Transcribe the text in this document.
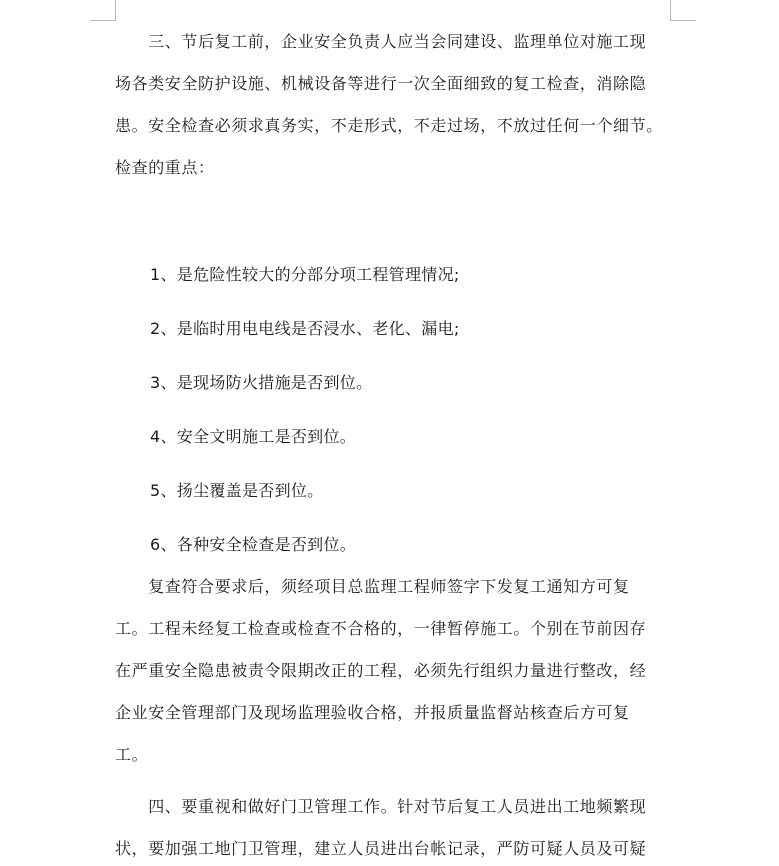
　　三、节后复工前，企业安全负责人应当会同建设、监理单位对施工现
场各类安全防护设施、机械设备等进行一次全面细致的复工检查，消除隐
患。安全检查必须求真务实，不走形式，不走过场，不放过任何一个细节。
检查的重点：
1、是危险性较大的分部分项工程管理情况;
2、是临时用电电线是否浸水、老化、漏电;
3、是现场防火措施是否到位。
4、安全文明施工是否到位。
5、扬尘覆盖是否到位。
6、各种安全检查是否到位。
　　复查符合要求后，须经项目总监理工程师签字下发复工通知方可复
工。工程未经复工检查或检查不合格的，一律暂停施工。个别在节前因存
在严重安全隐患被责令限期改正的工程，必须先行组织力量进行整改，经
企业安全管理部门及现场监理验收合格，并报质量监督站核查后方可复
工。
　　四、要重视和做好门卫管理工作。针对节后复工人员进出工地频繁现
状，要加强工地门卫管理，建立人员进出台帐记录，严防可疑人员及可疑
